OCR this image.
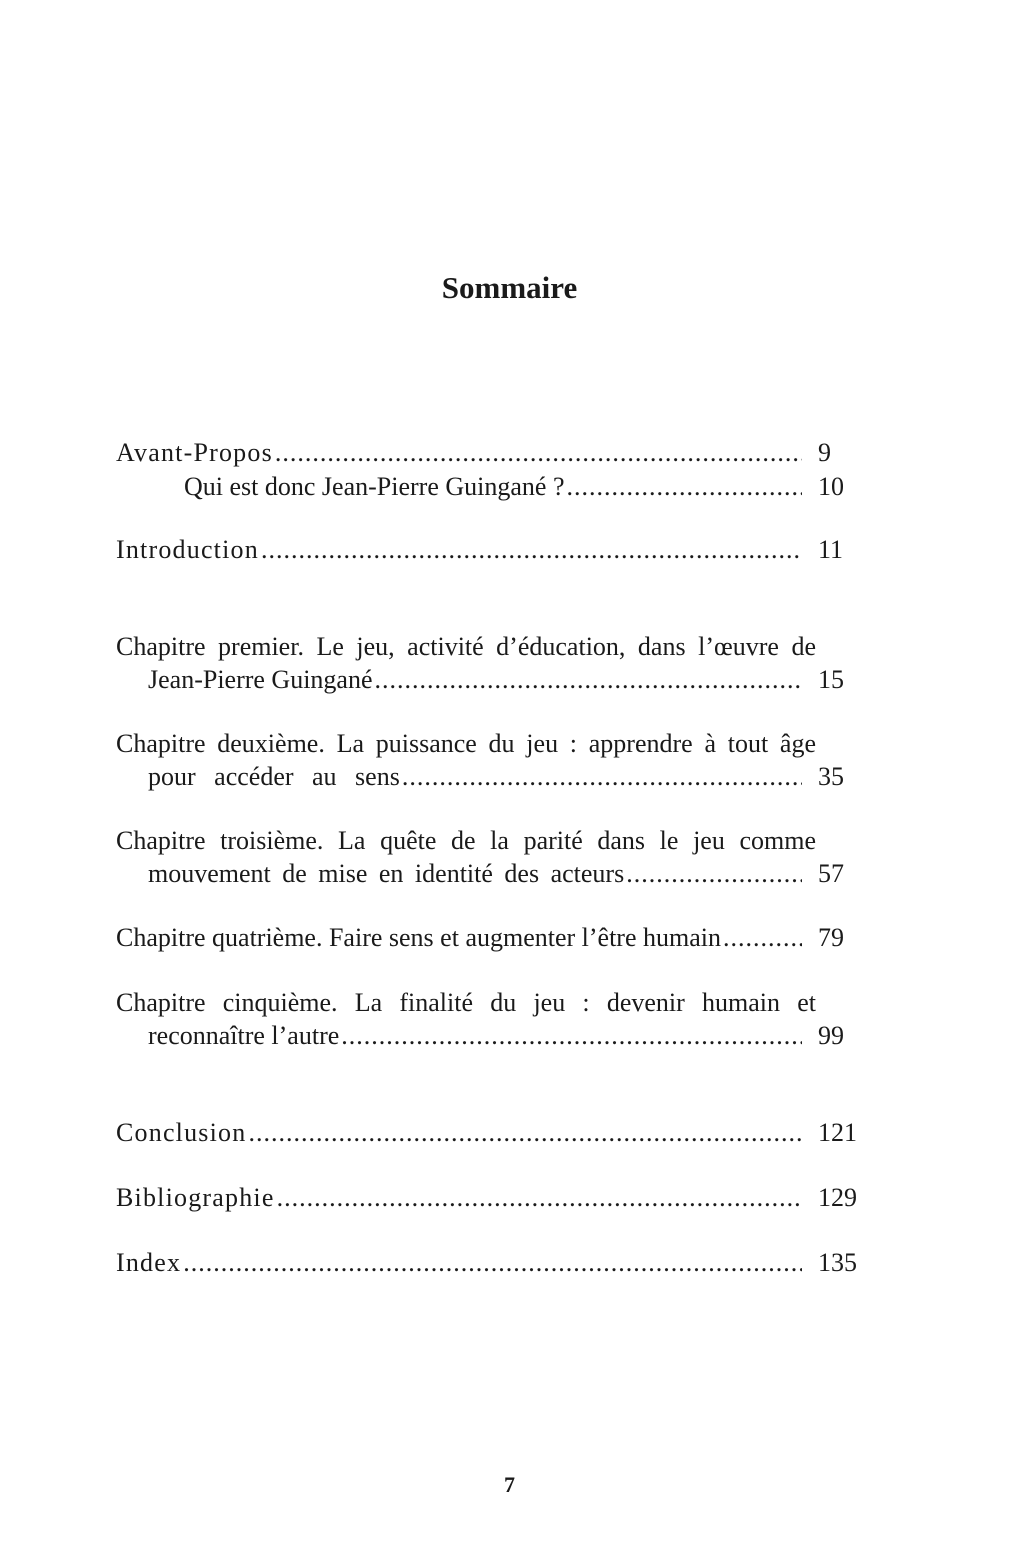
Sommaire
Avant-Propos .....	9
Qui est donc Jean-Pierre Guingané ? .....	10
Introduction .....	11
Chapitre premier. Le jeu, activité d’éducation, dans l’œuvre de
Jean-Pierre Guingané .....	15
Chapitre deuxième. La puissance du jeu : apprendre à tout âge
pour accéder au sens .....	35
Chapitre troisième. La quête de la parité dans le jeu comme
mouvement de mise en identité des acteurs .....	57
Chapitre quatrième. Faire sens et augmenter l’être humain .....	79
Chapitre cinquième. La finalité du jeu : devenir humain et
reconnaître l’autre .....	99
Conclusion .....	121
Bibliographie .....	129
Index .....	135
7
